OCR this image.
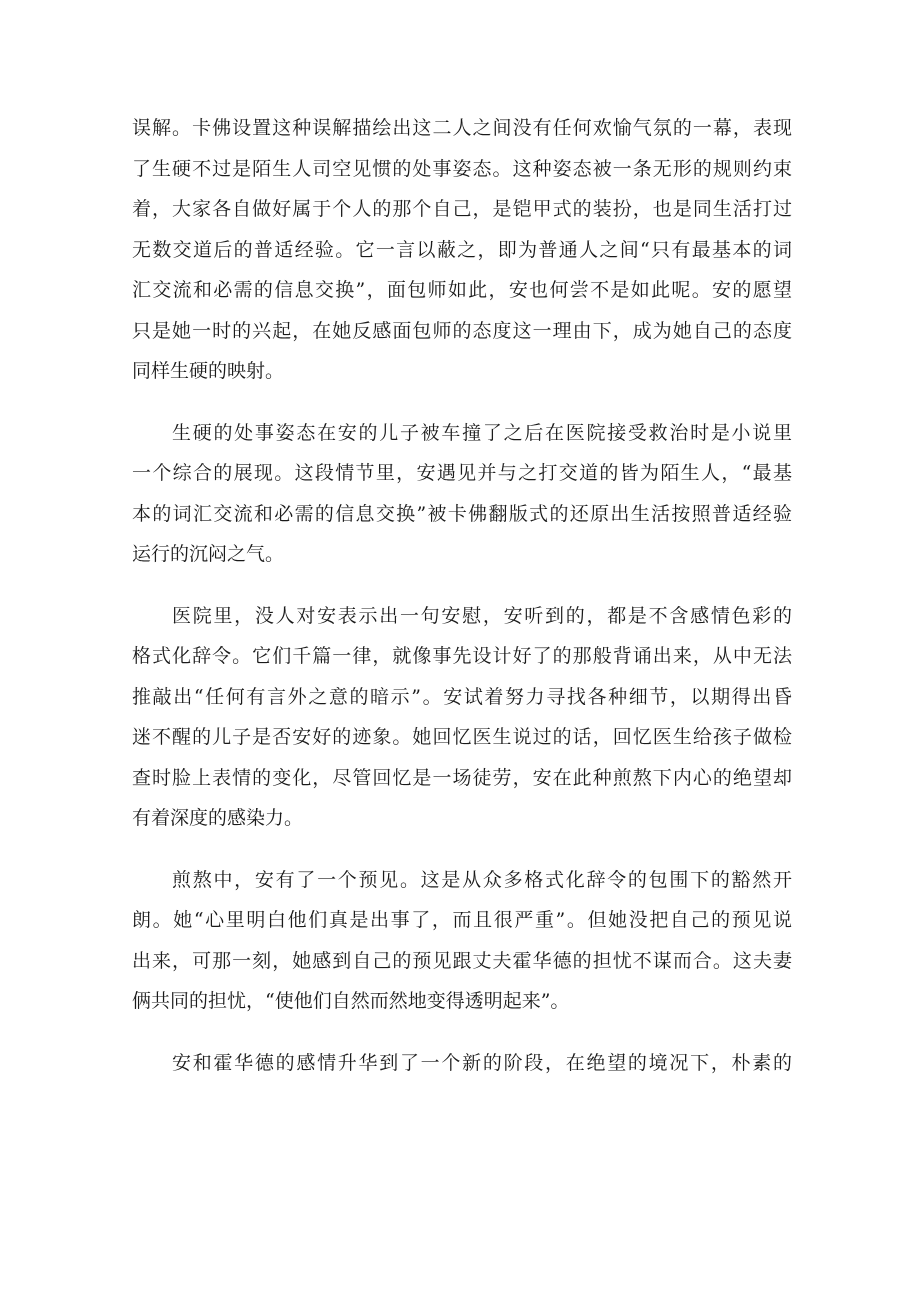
误解。卡佛设置这种误解描绘出这二人之间没有任何欢愉气氛的一幕，表现
了生硬不过是陌生人司空见惯的处事姿态。这种姿态被一条无形的规则约束
着，大家各自做好属于个人的那个自己，是铠甲式的装扮，也是同生活打过
无数交道后的普适经验。它一言以蔽之，即为普通人之间“只有最基本的词
汇交流和必需的信息交换”，面包师如此，安也何尝不是如此呢。安的愿望
只是她一时的兴起，在她反感面包师的态度这一理由下，成为她自己的态度
同样生硬的映射。
生硬的处事姿态在安的儿子被车撞了之后在医院接受救治时是小说里
一个综合的展现。这段情节里，安遇见并与之打交道的皆为陌生人，“最基
本的词汇交流和必需的信息交换”被卡佛翻版式的还原出生活按照普适经验
运行的沉闷之气。
医院里，没人对安表示出一句安慰，安听到的，都是不含感情色彩的
格式化辞令。它们千篇一律，就像事先设计好了的那般背诵出来，从中无法
推敲出“任何有言外之意的暗示”。安试着努力寻找各种细节，以期得出昏
迷不醒的儿子是否安好的迹象。她回忆医生说过的话，回忆医生给孩子做检
查时脸上表情的变化，尽管回忆是一场徒劳，安在此种煎熬下内心的绝望却
有着深度的感染力。
煎熬中，安有了一个预见。这是从众多格式化辞令的包围下的豁然开
朗。她“心里明白他们真是出事了，而且很严重”。但她没把自己的预见说
出来，可那一刻，她感到自己的预见跟丈夫霍华德的担忧不谋而合。这夫妻
俩共同的担忧，“使他们自然而然地变得透明起来”。
安和霍华德的感情升华到了一个新的阶段，在绝望的境况下，朴素的
